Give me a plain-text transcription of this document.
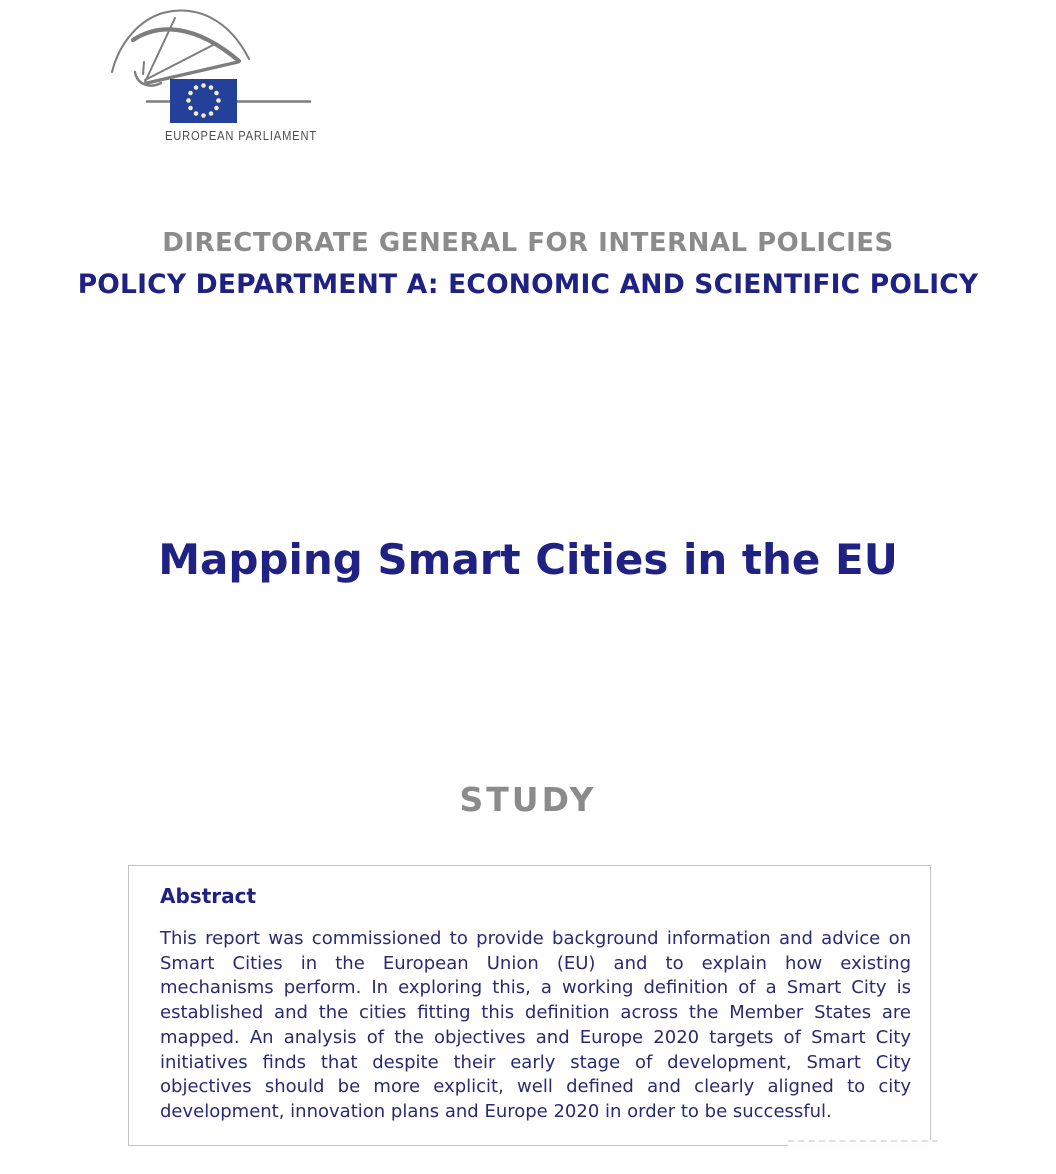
EUROPEAN PARLIAMENT
DIRECTORATE GENERAL FOR INTERNAL POLICIES
POLICY DEPARTMENT A: ECONOMIC AND SCIENTIFIC POLICY
Mapping Smart Cities in the EU
STUDY
Abstract
This report was commissioned to provide background information and advice on
Smart Cities in the European Union (EU) and to explain how existing
mechanisms perform. In exploring this, a working definition of a Smart City is
established and the cities fitting this definition across the Member States are
mapped. An analysis of the objectives and Europe 2020 targets of Smart City
initiatives finds that despite their early stage of development, Smart City
objectives should be more explicit, well defined and clearly aligned to city
development, innovation plans and Europe 2020 in order to be successful.
